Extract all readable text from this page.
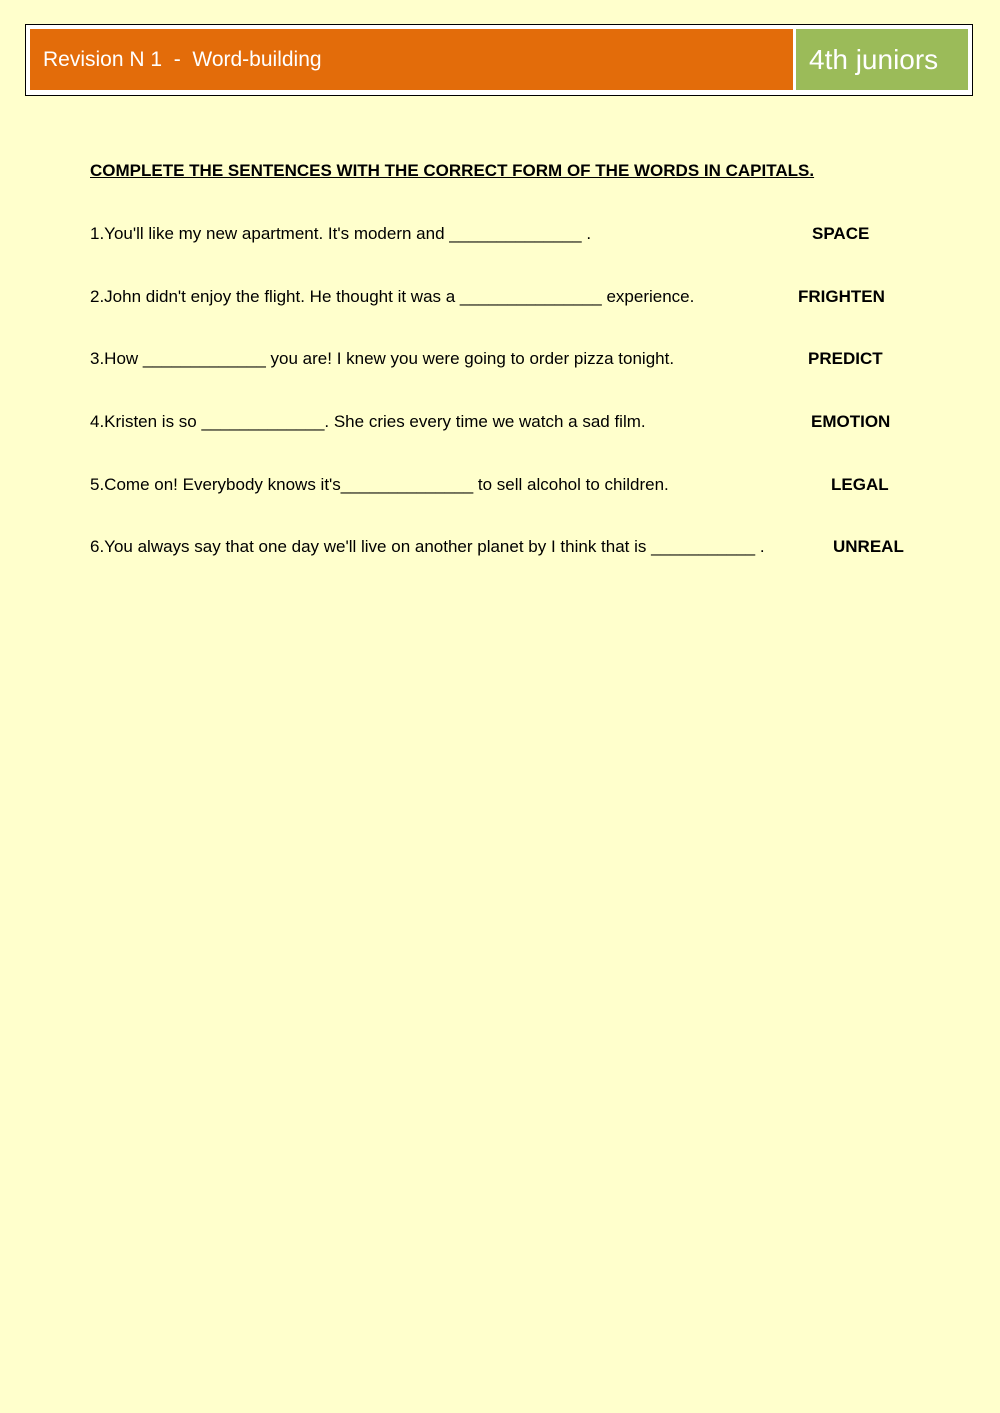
Revision N 1  -  Word-building	4th juniors
COMPLETE THE SENTENCES WITH THE CORRECT FORM OF THE WORDS IN CAPITALS.

1.You'll like my new apartment. It's modern and ______________ .

	SPACE

2.John didn't enjoy the flight. He thought it was a _______________ experience.

	FRIGHTEN

3.How _____________ you are! I knew you were going to order pizza tonight.

	PREDICT

4.Kristen is so _____________. She cries every time we watch a sad film.

	EMOTION

5.Come on! Everybody knows it's______________ to sell alcohol to children.

	LEGAL

6.You always say that one day we'll live on another planet by I think that is ___________ .

	UNREAL
